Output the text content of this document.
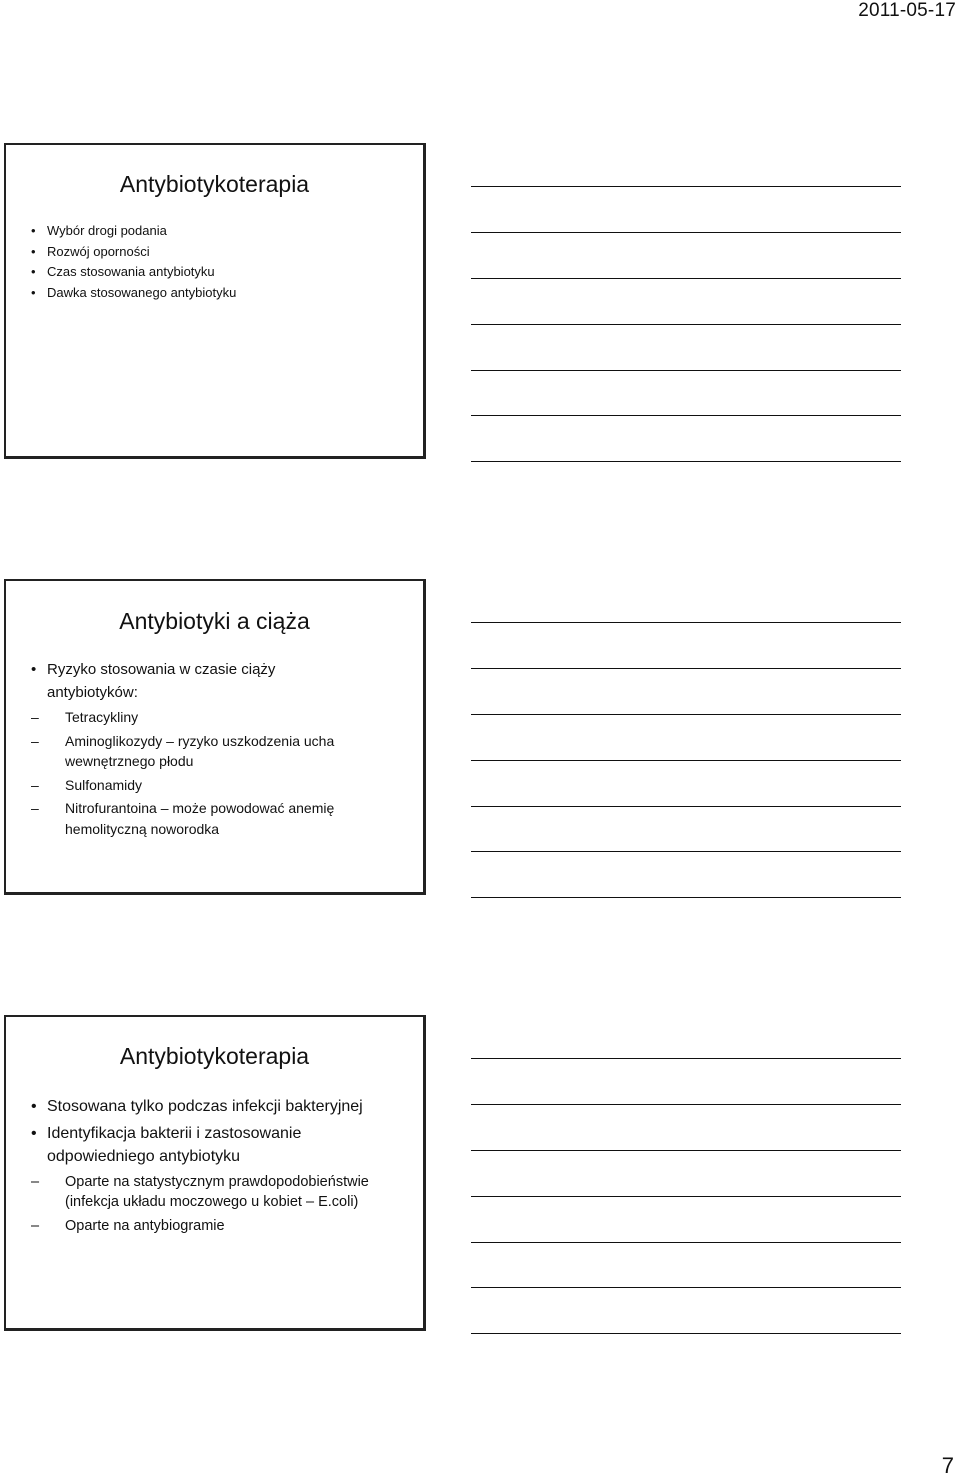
2011-05-17
Antybiotykoterapia
• Wybór drogi podania
• Rozwój oporności
• Czas stosowania antybiotyku
• Dawka stosowanego antybiotyku
Antybiotyki a ciąża
• Ryzyko stosowania w czasie ciąży antybiotyków:
– Tetracykliny
– Aminoglikozydy – ryzyko uszkodzenia ucha wewnętrznego płodu
– Sulfonamidy
– Nitrofurantoina – może powodować anemię hemolityczną noworodka
Antybiotykoterapia
• Stosowana tylko podczas infekcji bakteryjnej
• Identyfikacja bakterii i zastosowanie odpowiedniego antybiotyku
– Oparte na statystycznym prawdopodobieństwie (infekcja układu moczowego u kobiet – E.coli)
– Oparte na antybiogramie
7
